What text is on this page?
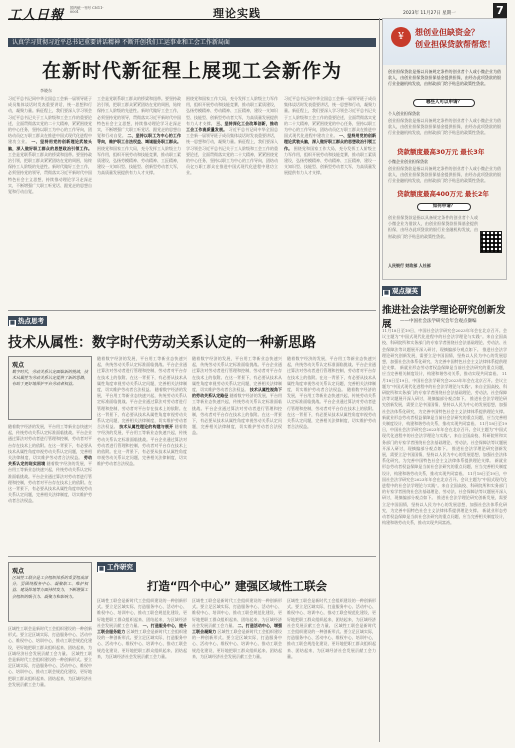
工人日報 国内统一刊号 CN11-0001	理论实践	2023年 11月27日 星期一	7
认真学习贯彻习近平总书记重要讲话精神 不断开创我们工运事业和工会工作新局面
在新时代新征程上展现工会新作为
李晓东
习近平总书记同中华全国总工会新一届领导班子成员集体谈话时发表重要讲话，统一思想和行动，凝聚力量。新征程上，我们要深入学习领会习近平总书记关于工人阶级和工会工作的重要论述，全面贯彻落实党的二十大精神，紧紧围绕党的中心任务，坚持以职工为中心的工作导向，团结动员亿万职工群众在推进中国式现代化进程中建功立业。 一、坚持用党的创新理论武装头脑，深入做好职工群众的思想政治引领工作。 工会是党联系职工群众的桥梁和纽带。要坚持政治引领，把职工群众紧紧团结在党的周围，始终保持工人阶级的先进性。新时代做好工会工作，必须坚持党的领导，贯彻落实习近平新时代中国特色社会主义思想，持续推动理论学习走深走实，不断增强广大职工听党话、跟党走的思想自觉和行动自觉。
工会是党联系职工群众的桥梁和纽带。要坚持政治引领，把职工群众紧紧团结在党的周围，始终保持工人阶级的先进性。新时代做好工会工作，必须坚持党的领导，贯彻落实习近平新时代中国特色社会主义思想，持续推动理论学习走深走实，不断增强广大职工听党话、跟党走的思想自觉和行动自觉。 二、坚持以职工为中心的工作导向，维护职工合法权益、竭诚服务职工群众。 围绕党和国家工作大局，充分发挥工人阶级主力军作用，组织开展劳动和技能竞赛，推动职工素质建设，弘扬劳模精神、劳动精神、工匠精神，建设一支知识型、技能型、创新型劳动者大军，为高质量发展提供有力人才支撑。
围绕党和国家工作大局，充分发挥工人阶级主力军作用，组织开展劳动和技能竞赛，推动职工素质建设，弘扬劳模精神、劳动精神、工匠精神，建设一支知识型、技能型、创新型劳动者大军，为高质量发展提供有力人才支撑。 三、坚持深化工会改革创新，推动工会工作高质量发展。 习近平总书记同中华全国总工会新一届领导班子成员集体谈话时发表重要讲话，统一思想和行动，凝聚力量。新征程上，我们要深入学习领会习近平总书记关于工人阶级和工会工作的重要论述，全面贯彻落实党的二十大精神，紧紧围绕党的中心任务，坚持以职工为中心的工作导向，团结动员亿万职工群众在推进中国式现代化进程中建功立业。
习近平总书记同中华全国总工会新一届领导班子成员集体谈话时发表重要讲话，统一思想和行动，凝聚力量。新征程上，我们要深入学习领会习近平总书记关于工人阶级和工会工作的重要论述，全面贯彻落实党的二十大精神，紧紧围绕党的中心任务，坚持以职工为中心的工作导向，团结动员亿万职工群众在推进中国式现代化进程中建功立业。 一、坚持用党的创新理论武装头脑，深入做好职工群众的思想政治引领工作。 围绕党和国家工作大局，充分发挥工人阶级主力军作用，组织开展劳动和技能竞赛，推动职工素质建设，弘扬劳模精神、劳动精神、工匠精神，建设一支知识型、技能型、创新型劳动者大军，为高质量发展提供有力人才支撑。
■ 热点思考
技术从属性：数字时代劳动关系认定的一种新思路
观点
数字时代，劳动关系认定面临新的挑战，技术从属性为劳动关系认定提供了新的思路，有助于更好地保护平台劳动者权益。
随着数字经济的发展，平台用工等新业态快速兴起，传统劳动关系认定标准面临挑战。平台企业通过算法对劳动者进行管理和控制，劳动者对平台存在技术上的依附。在这一背景下，有必要从技术从属性角度审视劳动关系认定问题，完善相关法律制度，切实维护劳动者合法权益。 劳动关系认定的现实困境 随着数字经济的发展，平台用工等新业态快速兴起，传统劳动关系认定标准面临挑战。平台企业通过算法对劳动者进行管理和控制，劳动者对平台存在技术上的依附。在这一背景下，有必要从技术从属性角度审视劳动关系认定问题，完善相关法律制度，切实维护劳动者合法权益。
随着数字经济的发展，平台用工等新业态快速兴起，传统劳动关系认定标准面临挑战。平台企业通过算法对劳动者进行管理和控制，劳动者对平台存在技术上的依附。在这一背景下，有必要从技术从属性角度审视劳动关系认定问题，完善相关法律制度，切实维护劳动者合法权益。 随着数字经济的发展，平台用工等新业态快速兴起，传统劳动关系认定标准面临挑战。平台企业通过算法对劳动者进行管理和控制，劳动者对平台存在技术上的依附。在这一背景下，有必要从技术从属性角度审视劳动关系认定问题，完善相关法律制度，切实维护劳动者合法权益。 技术从属性理论的构建与展开 随着数字经济的发展，平台用工等新业态快速兴起，传统劳动关系认定标准面临挑战。平台企业通过算法对劳动者进行管理和控制，劳动者对平台存在技术上的依附。在这一背景下，有必要从技术从属性角度审视劳动关系认定问题，完善相关法律制度，切实维护劳动者合法权益。
随着数字经济的发展，平台用工等新业态快速兴起，传统劳动关系认定标准面临挑战。平台企业通过算法对劳动者进行管理和控制，劳动者对平台存在技术上的依附。在这一背景下，有必要从技术从属性角度审视劳动关系认定问题，完善相关法律制度，切实维护劳动者合法权益。 技术从属性视角下的劳动关系认定路径 随着数字经济的发展，平台用工等新业态快速兴起，传统劳动关系认定标准面临挑战。平台企业通过算法对劳动者进行管理和控制，劳动者对平台存在技术上的依附。在这一背景下，有必要从技术从属性角度审视劳动关系认定问题，完善相关法律制度，切实维护劳动者合法权益。
随着数字经济的发展，平台用工等新业态快速兴起，传统劳动关系认定标准面临挑战。平台企业通过算法对劳动者进行管理和控制，劳动者对平台存在技术上的依附。在这一背景下，有必要从技术从属性角度审视劳动关系认定问题，完善相关法律制度，切实维护劳动者合法权益。 随着数字经济的发展，平台用工等新业态快速兴起，传统劳动关系认定标准面临挑战。平台企业通过算法对劳动者进行管理和控制，劳动者对平台存在技术上的依附。在这一背景下，有必要从技术从属性角度审视劳动关系认定问题，完善相关法律制度，切实维护劳动者合法权益。
■ 工作研究
打造“四个中心” 建强区域性工联会
观点
区域性工联会是工会组织体系的重要组成部分，要围绕服务中心、凝聚职工、维护权益、建设阵地等方面持续发力，不断增强工会组织的吸引力、凝聚力和影响力。
区域性工联会是新时代工会组织建设的一种创新形式。要立足区域实际，打造服务中心、活动中心、维权中心、培训中心，推动工联会规范化建设，更好地把职工群众组织起来、团结起来，为区域经济社会发展贡献工会力量。 区域性工联会是新时代工会组织建设的一种创新形式。要立足区域实际，打造服务中心、活动中心、维权中心、培训中心，推动工联会规范化建设，更好地把职工群众组织起来、团结起来，为区域经济社会发展贡献工会力量。
区域性工联会是新时代工会组织建设的一种创新形式。要立足区域实际，打造服务中心、活动中心、维权中心、培训中心，推动工联会规范化建设，更好地把职工群众组织起来、团结起来，为区域经济社会发展贡献工会力量。 一、打造服务中心，提升工联会服务能力 区域性工联会是新时代工会组织建设的一种创新形式。要立足区域实际，打造服务中心、活动中心、维权中心、培训中心，推动工联会规范化建设，更好地把职工群众组织起来、团结起来，为区域经济社会发展贡献工会力量。
区域性工联会是新时代工会组织建设的一种创新形式。要立足区域实际，打造服务中心、活动中心、维权中心、培训中心，推动工联会规范化建设，更好地把职工群众组织起来、团结起来，为区域经济社会发展贡献工会力量。 二、打造活动中心，增强工联会凝聚力 区域性工联会是新时代工会组织建设的一种创新形式。要立足区域实际，打造服务中心、活动中心、维权中心、培训中心，推动工联会规范化建设，更好地把职工群众组织起来、团结起来，为区域经济社会发展贡献工会力量。
区域性工联会是新时代工会组织建设的一种创新形式。要立足区域实际，打造服务中心、活动中心、维权中心、培训中心，推动工联会规范化建设，更好地把职工群众组织起来、团结起来，为区域经济社会发展贡献工会力量。 区域性工联会是新时代工会组织建设的一种创新形式。要立足区域实际，打造服务中心、活动中心、维权中心、培训中心，推动工联会规范化建设，更好地把职工群众组织起来、团结起来，为区域经济社会发展贡献工会力量。
¥	想创业但缺资金？
创业担保贷款帮帮您！
创业担保贷款是指以具备规定条件的创业者个人或小微企业为借款人，由创业担保贷款担保基金提供担保，由经办此项贷款的银行业金融机构发放，由财政部门给予贴息的政策性贷款。
哪些人可以申请？
个人创业担保贷款
创业担保贷款是指以具备规定条件的创业者个人或小微企业为借款人，由创业担保贷款担保基金提供担保，由经办此项贷款的银行业金融机构发放，由财政部门给予贴息的政策性贷款。
贷款额度最高30万元 最长3年
小微企业创业担保贷款
创业担保贷款是指以具备规定条件的创业者个人或小微企业为借款人，由创业担保贷款担保基金提供担保，由经办此项贷款的银行业金融机构发放，由财政部门给予贴息的政策性贷款。
贷款额度最高400万元 最长2年
如何申请？
创业担保贷款是指以具备规定条件的创业者个人或小微企业为借款人，由创业担保贷款担保基金提供担保，由经办此项贷款的银行业金融机构发放，由财政部门给予贴息的政策性贷款。
人民银行 财政部 人社部
■ 观点撷英
推进社会法学理论研究创新发展	——中国社会法学研究会年会观点撷编
11月18日至19日，中国社会法学研究会2023年年会在北京召开。会议主题为“中国式现代化进程中的社会法学理论与实践”。来自全国高校、科研院所和实务部门的专家学者围绕社会法基础理论、劳动法、社会保障法等议题展开深入研讨，现摘编部分观点如下。 推进社会法学理论研究创新发展，需要立足中国国情，坚持以人民为中心的发展思想，加强社会法体系化研究，为完善中国特色社会主义法律体系提供理论支撑。 新就业形态劳动者权益保障是当前社会法研究的重点问题，应当完善相关制度设计，构建和谐劳动关系，推动实现共同富裕。 11月18日至19日，中国社会法学研究会2023年年会在北京召开。会议主题为“中国式现代化进程中的社会法学理论与实践”。来自全国高校、科研院所和实务部门的专家学者围绕社会法基础理论、劳动法、社会保障法等议题展开深入研讨，现摘编部分观点如下。 推进社会法学理论研究创新发展，需要立足中国国情，坚持以人民为中心的发展思想，加强社会法体系化研究，为完善中国特色社会主义法律体系提供理论支撑。 新就业形态劳动者权益保障是当前社会法研究的重点问题，应当完善相关制度设计，构建和谐劳动关系，推动实现共同富裕。 11月18日至19日，中国社会法学研究会2023年年会在北京召开。会议主题为“中国式现代化进程中的社会法学理论与实践”。来自全国高校、科研院所和实务部门的专家学者围绕社会法基础理论、劳动法、社会保障法等议题展开深入研讨，现摘编部分观点如下。 推进社会法学理论研究创新发展，需要立足中国国情，坚持以人民为中心的发展思想，加强社会法体系化研究，为完善中国特色社会主义法律体系提供理论支撑。 新就业形态劳动者权益保障是当前社会法研究的重点问题，应当完善相关制度设计，构建和谐劳动关系，推动实现共同富裕。 11月18日至19日，中国社会法学研究会2023年年会在北京召开。会议主题为“中国式现代化进程中的社会法学理论与实践”。来自全国高校、科研院所和实务部门的专家学者围绕社会法基础理论、劳动法、社会保障法等议题展开深入研讨，现摘编部分观点如下。 推进社会法学理论研究创新发展，需要立足中国国情，坚持以人民为中心的发展思想，加强社会法体系化研究，为完善中国特色社会主义法律体系提供理论支撑。 新就业形态劳动者权益保障是当前社会法研究的重点问题，应当完善相关制度设计，构建和谐劳动关系，推动实现共同富裕。
